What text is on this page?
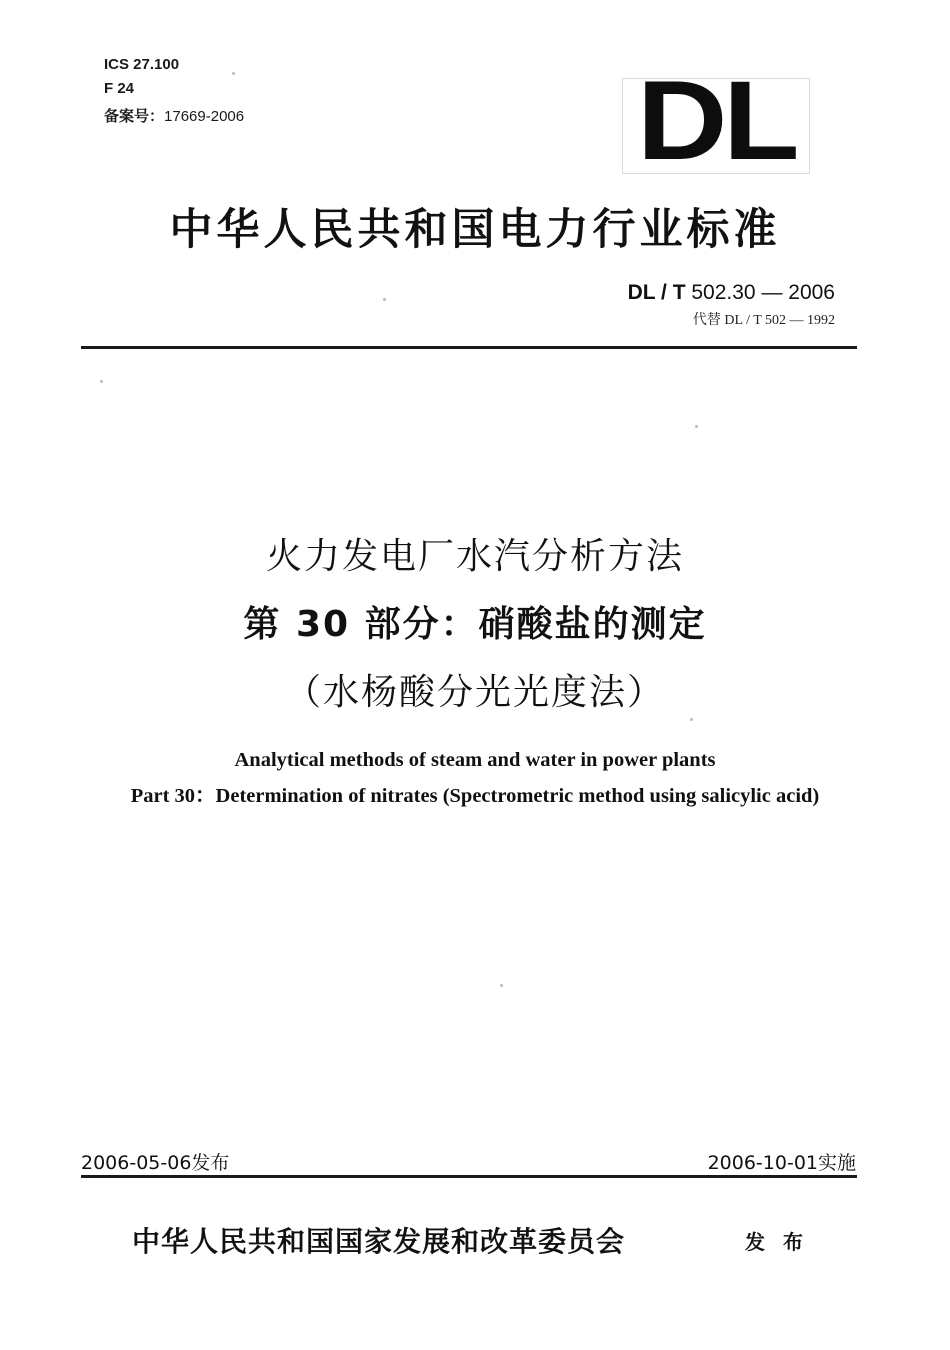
ICS 27.100
F 24
备案号：17669-2006	DL
中华人民共和国电力行业标准
DL / T 502.30 — 2006
代替 DL / T 502 — 1992
火力发电厂水汽分析方法
第 30 部分：硝酸盐的测定
（水杨酸分光光度法）
Analytical methods of steam and water in power plants
Part 30：Determination of nitrates (Spectrometric method using salicylic acid)
2006-05-06发布	2006-10-01实施
中华人民共和国国家发展和改革委员会	发布
